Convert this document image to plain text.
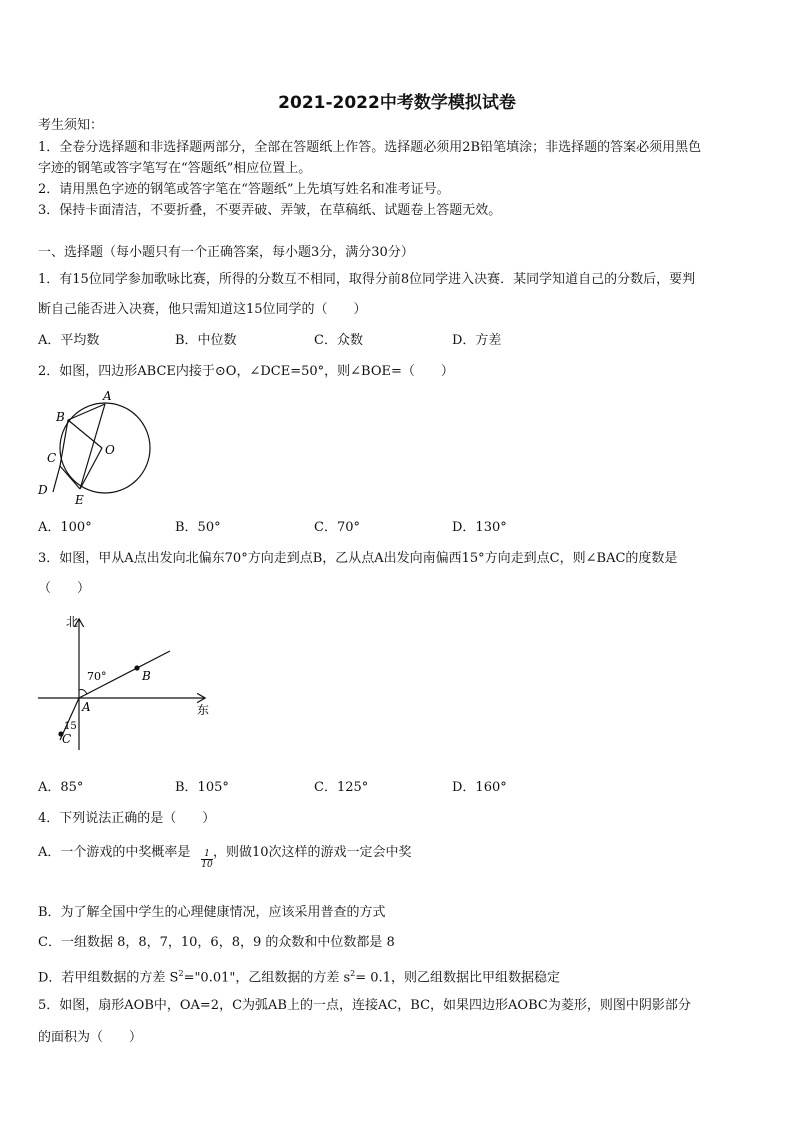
2021-2022中考数学模拟试卷
考生须知：
1．全卷分选择题和非选择题两部分，全部在答题纸上作答。选择题必须用2B铅笔填涂；非选择题的答案必须用黑色
字迹的钢笔或答字笔写在“答题纸”相应位置上。
2．请用黑色字迹的钢笔或答字笔在“答题纸”上先填写姓名和准考证号。
3．保持卡面清洁，不要折叠，不要弄破、弄皱，在草稿纸、试题卷上答题无效。
一、选择题（每小题只有一个正确答案，每小题3分，满分30分）
1．有15位同学参加歌咏比赛，所得的分数互不相同，取得分前8位同学进入决赛．某同学知道自己的分数后，要判
断自己能否进入决赛，他只需知道这15位同学的（　　）
A．平均数	B．中位数	C．众数	D．方差
2．如图，四边形ABCE内接于⊙O，∠DCE=50°，则∠BOE=（　　）
A
B
C
D
E
O
A．100°	B．50°	C．70°	D．130°
3．如图，甲从A点出发向北偏东70°方向走到点B，乙从点A出发向南偏西15°方向走到点C，则∠BAC的度数是
（　　）
北
东
70°
15
A
B
C
A．85°	B．105°	C．125°	D．160°
4．下列说法正确的是（　　）
A．一个游戏的中奖概率是 $\frac{1}{10}$ ，则做10次这样的游戏一定会中奖
B．为了解全国中学生的心理健康情况，应该采用普查的方式
C．一组数据 8，8，7，10，6，8，9 的众数和中位数都是 8
D．若甲组数据的方差 $S^2="0.01$"，乙组数据的方差 $s^2= 0.1$，则乙组数据比甲组数据稳定
5．如图，扇形AOB中，OA=2，C为弧AB上的一点，连接AC，BC，如果四边形AOBC为菱形，则图中阴影部分
的面积为（　　）
